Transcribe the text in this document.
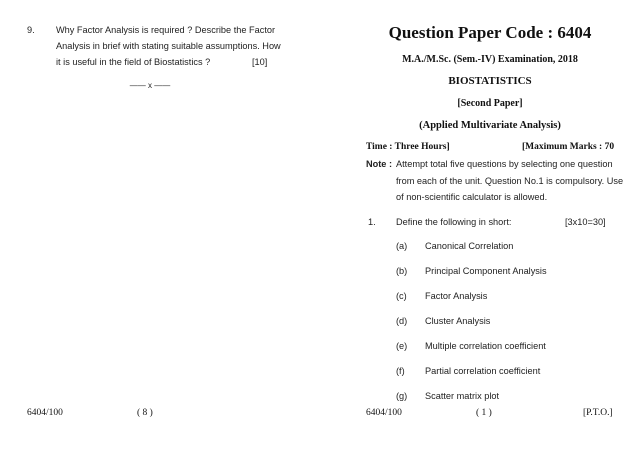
9. Why Factor Analysis is required ? Describe the Factor
Analysis in brief with stating suitable assumptions. How
it is useful in the field of Biostatistics ?	[10]
—— x ——
6404/100	( 8 )
Question Paper Code : 6404
M.A./M.Sc. (Sem.-IV) Examination, 2018
BIOSTATISTICS
[Second Paper]
(Applied Multivariate Analysis)
Time : Three Hours]	[Maximum Marks : 70
Note : Attempt total five questions by selecting one question
from each of the unit. Question No.1 is compulsory. Use
of non-scientific calculator is allowed.
1. Define the following in short:	[3x10=30]
(a) Canonical Correlation
(b) Principal Component Analysis
(c) Factor Analysis
(d) Cluster Analysis
(e) Multiple correlation coefficient
(f) Partial correlation coefficient
(g) Scatter matrix plot
6404/100	( 1 )	[P.T.O.]
